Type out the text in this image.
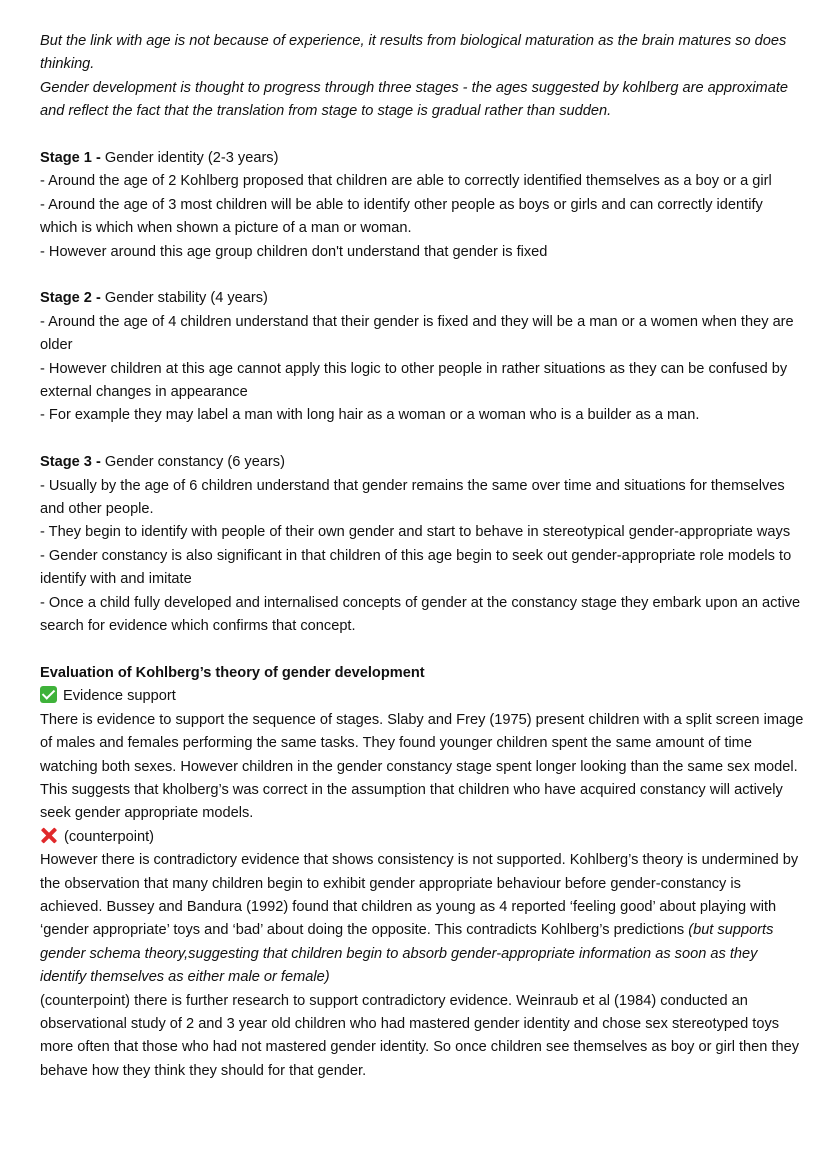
But the link with age is not because of experience, it results from biological maturation as the brain matures so does thinking.

Gender development is thought to progress through three stages - the ages suggested by kohlberg are approximate and reflect the fact that the translation from stage to stage is gradual rather than sudden.

Stage 1 - Gender identity (2-3 years)

- Around the age of 2 Kohlberg proposed that children are able to correctly identified themselves as a boy or a girl

- Around the age of 3 most children will be able to identify other people as boys or girls and can correctly identify which is which when shown a picture of a man or woman.

- However around this age group children don't understand that gender is fixed

Stage 2 - Gender stability (4 years)

- Around the age of 4 children understand that their gender is fixed and they will be a man or a women when they are older

- However children at this age cannot apply this logic to other people in rather situations as they can be confused by external changes in appearance

- For example they may label a man with long hair as a woman or a woman who is a builder as a man.

Stage 3 - Gender constancy (6 years)

- Usually by the age of 6 children understand that gender remains the same over time and situations for themselves and other people.

- They begin to identify with people of their own gender and start to behave in stereotypical gender-appropriate ways

- Gender constancy is also significant in that children of this age begin to seek out gender-appropriate role models to identify with and imitate

- Once a child fully developed and internalised concepts of gender at the constancy stage they embark upon an active search for evidence which confirms that concept.

Evaluation of Kohlberg’s theory of gender development

Evidence support

There is evidence to support the sequence of stages. Slaby and Frey (1975) present children with a split screen image of males and females performing the same tasks. They found younger children spent the same amount of time watching both sexes. However children in the gender constancy stage spent longer looking than the same sex model. This suggests that kholberg’s was correct in the assumption that children who have acquired constancy will actively seek gender appropriate models.

(counterpoint)

However there is contradictory evidence that shows consistency is not supported. Kohlberg’s theory is undermined by the observation that many children begin to exhibit gender appropriate behaviour before gender-constancy is achieved. Bussey and Bandura (1992) found that children as young as 4 reported ‘feeling good’ about playing with ‘gender appropriate’ toys and ‘bad’ about doing the opposite. This contradicts Kohlberg’s predictions (but supports gender schema theory,suggesting that children begin to absorb gender-appropriate information as soon as they identify themselves as either male or female)

(counterpoint) there is further research to support contradictory evidence. Weinraub et al (1984) conducted an observational study of 2 and 3 year old children who had mastered gender identity and chose sex stereotyped toys more often that those who had not mastered gender identity. So once children see themselves as boy or girl then they behave how they think they should for that gender.
